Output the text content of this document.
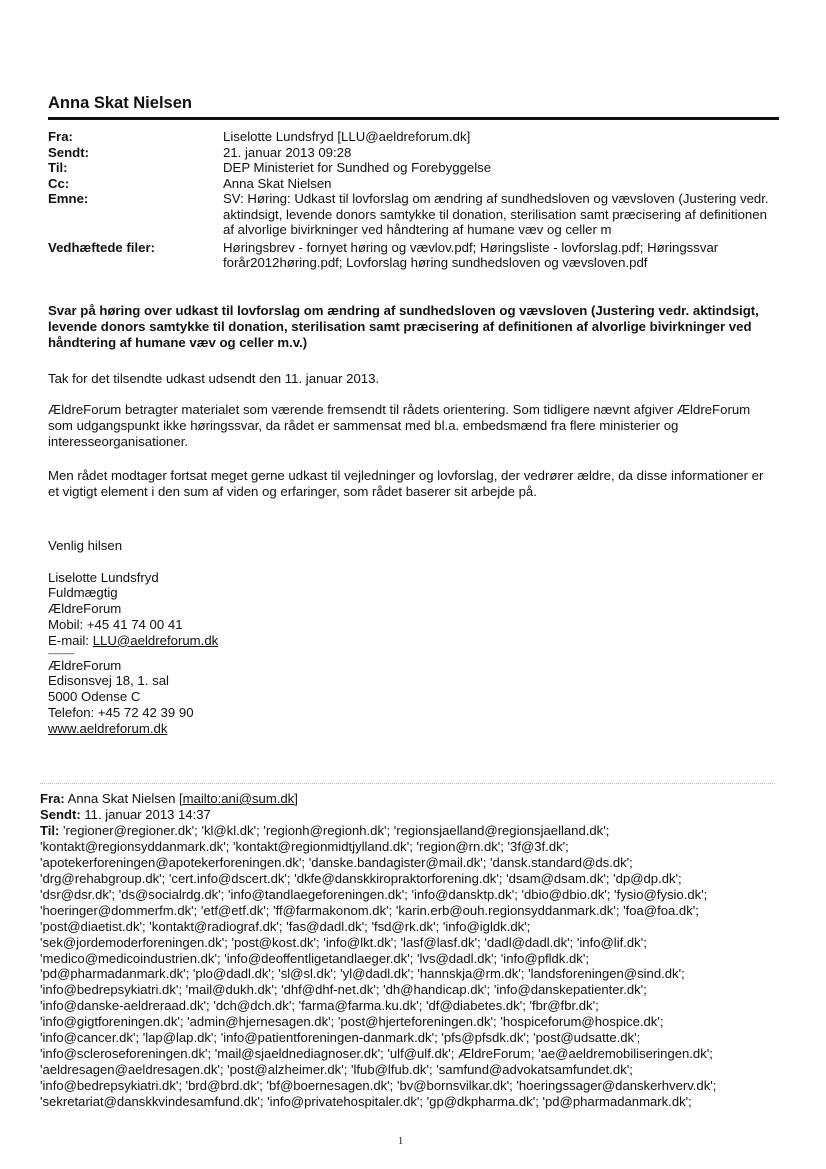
Anna Skat Nielsen
Fra:	Liselotte Lundsfryd [LLU@aeldreforum.dk]
Sendt:	21. januar 2013 09:28
Til:	DEP Ministeriet for Sundhed og Forebyggelse
Cc:	Anna Skat Nielsen
Emne:	SV: Høring: Udkast til lovforslag om ændring af sundhedsloven og vævsloven (Justering vedr. aktindsigt, levende donors samtykke til donation, sterilisation samt præcisering af definitionen af alvorlige bivirkninger ved håndtering af humane væv og celler m
Vedhæftede filer:	Høringsbrev - fornyet høring og vævlov.pdf; Høringsliste - lovforslag.pdf; Høringssvar forår2012høring.pdf; Lovforslag høring sundhedsloven og vævsloven.pdf
Svar på høring over udkast til lovforslag om ændring af sundhedsloven og vævsloven (Justering vedr. aktindsigt, levende donors samtykke til donation, sterilisation samt præcisering af definitionen af alvorlige bivirkninger ved håndtering af humane væv og celler m.v.)
Tak for det tilsendte udkast udsendt den 11. januar 2013.
ÆldreForum betragter materialet som værende fremsendt til rådets orientering. Som tidligere nævnt afgiver ÆldreForum som udgangspunkt ikke høringssvar, da rådet er sammensat med bl.a. embedsmænd fra flere ministerier og interesseorganisationer.
Men rådet modtager fortsat meget gerne udkast til vejledninger og lovforslag, der vedrører ældre, da disse informationer er et vigtigt element i den sum af viden og erfaringer, som rådet baserer sit arbejde på.
Venlig hilsen
Liselotte Lundsfryd
Fuldmægtig
ÆldreForum
Mobil: +45 41 74 00 41
E-mail: LLU@aeldreforum.dk
------------
ÆldreForum
Edisonsvej 18, 1. sal
5000 Odense C
Telefon: +45 72 42 39 90
www.aeldreforum.dk
Fra: Anna Skat Nielsen [mailto:ani@sum.dk]
Sendt: 11. januar 2013 14:37
Til: 'regioner@regioner.dk'; 'kl@kl.dk'; 'regionh@regionh.dk'; 'regionsjaelland@regionsjaelland.dk';
'kontakt@regionsyddanmark.dk'; 'kontakt@regionmidtjylland.dk'; 'region@rn.dk'; '3f@3f.dk';
'apotekerforeningen@apotekerforeningen.dk'; 'danske.bandagister@mail.dk'; 'dansk.standard@ds.dk';
'drg@rehabgroup.dk'; 'cert.info@dscert.dk'; 'dkfe@danskkiropraktorforening.dk'; 'dsam@dsam.dk'; 'dp@dp.dk';
'dsr@dsr.dk'; 'ds@socialrdg.dk'; 'info@tandlaegeforeningen.dk'; 'info@dansktp.dk'; 'dbio@dbio.dk'; 'fysio@fysio.dk';
'hoeringer@dommerfm.dk'; 'etf@etf.dk'; 'ff@farmakonom.dk'; 'karin.erb@ouh.regionsyddanmark.dk'; 'foa@foa.dk';
'post@diaetist.dk'; 'kontakt@radiograf.dk'; 'fas@dadl.dk'; 'fsd@rk.dk'; 'info@igldk.dk';
'sek@jordemoderforeningen.dk'; 'post@kost.dk'; 'info@lkt.dk'; 'lasf@lasf.dk'; 'dadl@dadl.dk'; 'info@lif.dk';
'medico@medicoindustrien.dk'; 'info@deoffentligetandlaeger.dk'; 'lvs@dadl.dk'; 'info@pfldk.dk';
'pd@pharmadanmark.dk'; 'plo@dadl.dk'; 'sl@sl.dk'; 'yl@dadl.dk'; 'hannskja@rm.dk'; 'landsforeningen@sind.dk';
'info@bedrepsykiatri.dk'; 'mail@dukh.dk'; 'dhf@dhf-net.dk'; 'dh@handicap.dk'; 'info@danskepatienter.dk';
'info@danske-aeldreraad.dk'; 'dch@dch.dk'; 'farma@farma.ku.dk'; 'df@diabetes.dk'; 'fbr@fbr.dk';
'info@gigtforeningen.dk'; 'admin@hjernesagen.dk'; 'post@hjerteforeningen.dk'; 'hospiceforum@hospice.dk';
'info@cancer.dk'; 'lap@lap.dk'; 'info@patientforeningen-danmark.dk'; 'pfs@pfsdk.dk'; 'post@udsatte.dk';
'info@scleroseforeningen.dk'; 'mail@sjaeldnediagnoser.dk'; 'ulf@ulf.dk'; ÆldreForum; 'ae@aeldremobiliseringen.dk';
'aeldresagen@aeldresagen.dk'; 'post@alzheimer.dk'; 'lfub@lfub.dk'; 'samfund@advokatsamfundet.dk';
'info@bedrepsykiatri.dk'; 'brd@brd.dk'; 'bf@boernesagen.dk'; 'bv@bornsvilkar.dk'; 'hoeringssager@danskerhverv.dk';
'sekretariat@danskkvindesamfund.dk'; 'info@privatehospitaler.dk'; 'gp@dkpharma.dk'; 'pd@pharmadanmark.dk';
1
